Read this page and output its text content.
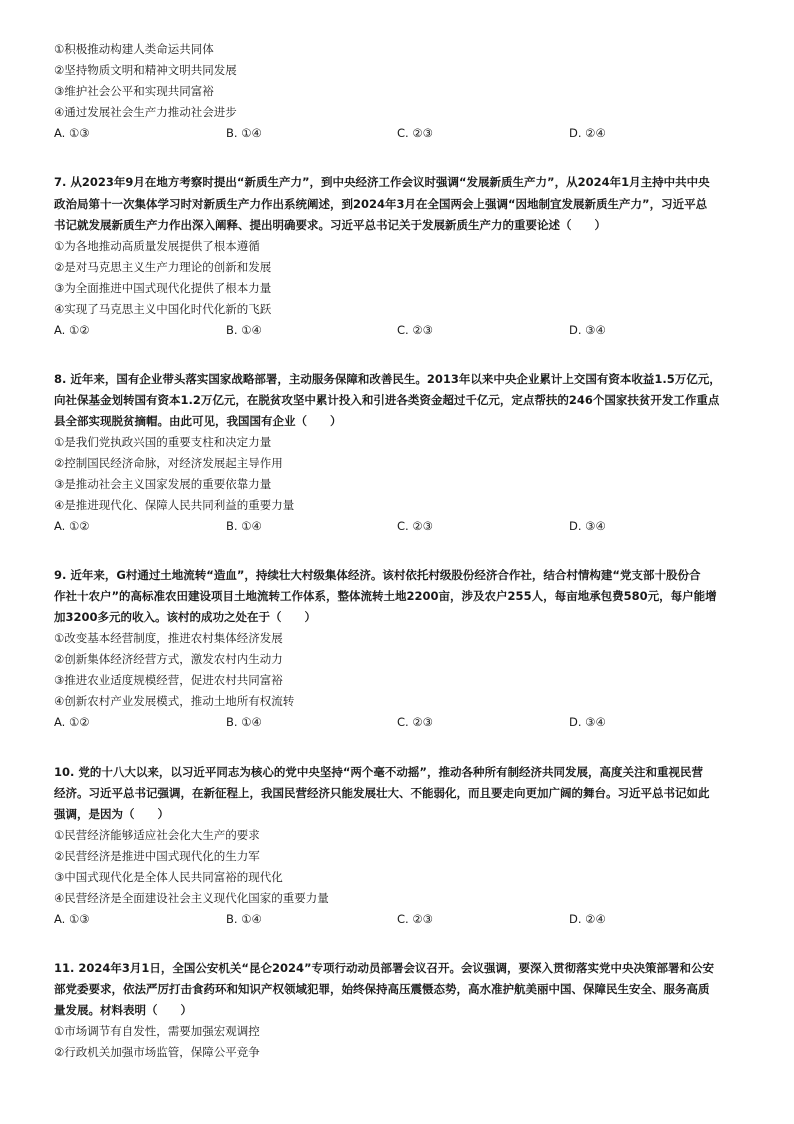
①积极推动构建人类命运共同体
②坚持物质文明和精神文明共同发展
③维护社会公平和实现共同富裕
④通过发展社会生产力推动社会进步
A. ①③	B. ①④	C. ②③	D. ②④
7. 从2023年9月在地方考察时提出“新质生产力”，到中央经济工作会议时强调“发展新质生产力”，从2024年1月主持中共中央
政治局第十一次集体学习时对新质生产力作出系统阐述，到2024年3月在全国两会上强调“因地制宜发展新质生产力”，习近平总
书记就发展新质生产力作出深入阐释、提出明确要求。习近平总书记关于发展新质生产力的重要论述（　　）
①为各地推动高质量发展提供了根本遵循
②是对马克思主义生产力理论的创新和发展
③为全面推进中国式现代化提供了根本力量
④实现了马克思主义中国化时代化新的飞跃
A. ①②	B. ①④	C. ②③	D. ③④
8. 近年来，国有企业带头落实国家战略部署，主动服务保障和改善民生。2013年以来中央企业累计上交国有资本收益1.5万亿元，
向社保基金划转国有资本1.2万亿元，在脱贫攻坚中累计投入和引进各类资金超过千亿元，定点帮扶的246个国家扶贫开发工作重点
县全部实现脱贫摘帽。由此可见，我国国有企业（　　）
①是我们党执政兴国的重要支柱和决定力量
②控制国民经济命脉，对经济发展起主导作用
③是推动社会主义国家发展的重要依靠力量
④是推进现代化、保障人民共同利益的重要力量
A. ①②	B. ①④	C. ②③	D. ③④
9. 近年来，G村通过土地流转“造血”，持续壮大村级集体经济。该村依托村级股份经济合作社，结合村情构建“党支部十股份合
作社十农户”的高标准农田建设项目土地流转工作体系，整体流转土地2200亩，涉及农户255人，每亩地承包费580元，每户能增
加3200多元的收入。该村的成功之处在于（　　）
①改变基本经营制度，推进农村集体经济发展
②创新集体经济经营方式，激发农村内生动力
③推进农业适度规模经营，促进农村共同富裕
④创新农村产业发展模式，推动土地所有权流转
A. ①②	B. ①④	C. ②③	D. ③④
10. 党的十八大以来，以习近平同志为核心的党中央坚持“两个毫不动摇”，推动各种所有制经济共同发展，高度关注和重视民营
经济。习近平总书记强调，在新征程上，我国民营经济只能发展壮大、不能弱化，而且要走向更加广阔的舞台。习近平总书记如此
强调，是因为（　　）
①民营经济能够适应社会化大生产的要求
②民营经济是推进中国式现代化的生力军
③中国式现代化是全体人民共同富裕的现代化
④民营经济是全面建设社会主义现代化国家的重要力量
A. ①③	B. ①④	C. ②③	D. ②④
11. 2024年3月1日，全国公安机关“昆仑2024”专项行动动员部署会议召开。会议强调，要深入贯彻落实党中央决策部署和公安
部党委要求，依法严厉打击食药环和知识产权领域犯罪，始终保持高压震慑态势，高水准护航美丽中国、保障民生安全、服务高质
量发展。材料表明（　　）
①市场调节有自发性，需要加强宏观调控
②行政机关加强市场监管，保障公平竞争
